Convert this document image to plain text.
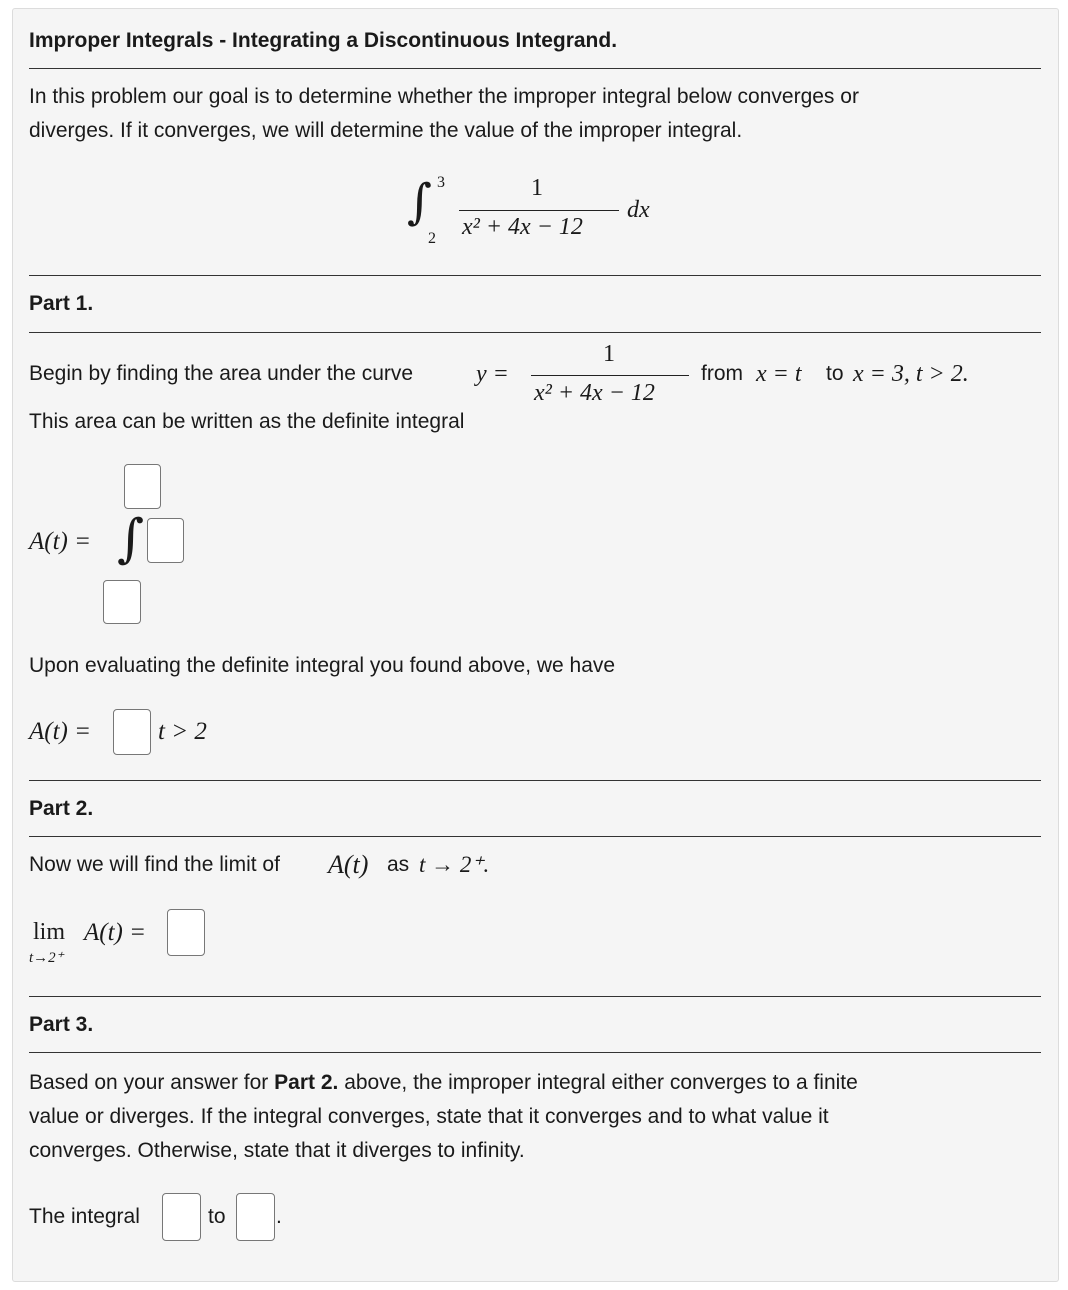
Improper Integrals - Integrating a Discontinuous Integrand.
In this problem our goal is to determine whether the improper integral below converges or
diverges. If it converges, we will determine the value of the improper integral.
∫ 3
2
1
x² + 4x − 12
dx
Part 1.
Begin by finding the area under the curve	y =
1
x² + 4x − 12
from x = t to x = 3, t > 2.
This area can be written as the definite integral
A(t) = ∫
Upon evaluating the definite integral you found above, we have
A(t) =	t > 2
Part 2.
Now we will find the limit of A(t) as t → 2⁺.
lim
t→2⁺
A(t) =
Part 3.
Based on your answer for Part 2. above, the improper integral either converges to a finite
value or diverges. If the integral converges, state that it converges and to what value it
converges. Otherwise, state that it diverges to infinity.
The integral	to .
